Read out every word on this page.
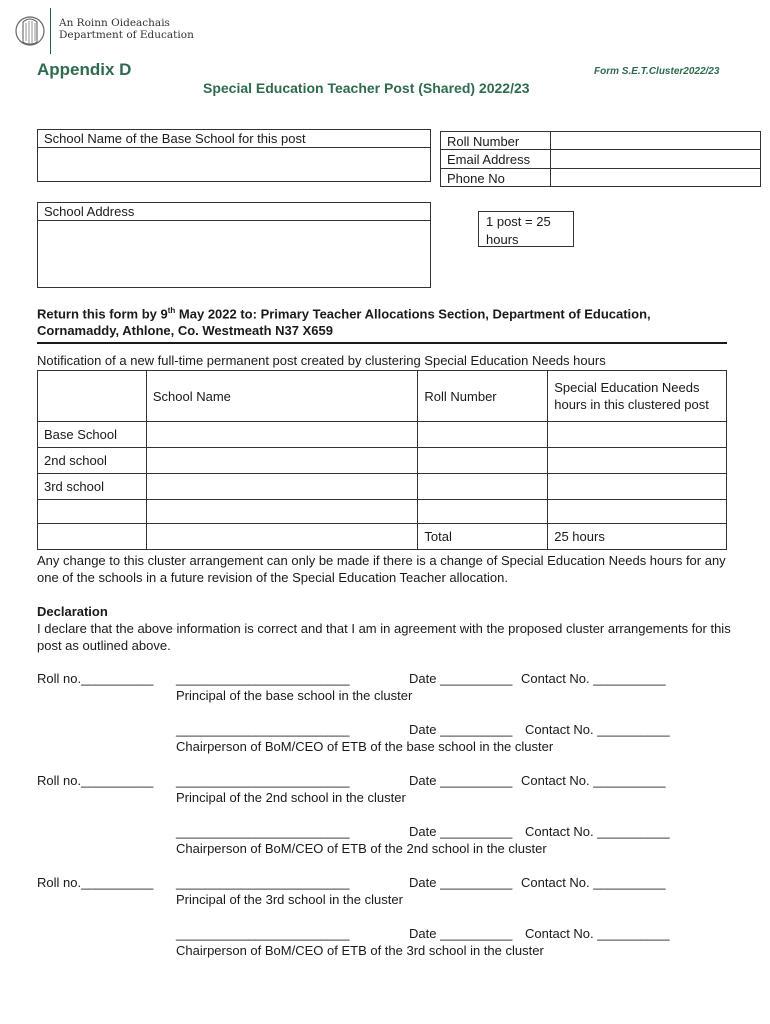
An Roinn Oideachais
Department of Education
Appendix D	Form S.E.T.Cluster2022/23
Special Education Teacher Post (Shared) 2022/23
School Name of the Base School for this post	Roll Number
Email Address
Phone No
School Address
1 post = 25
hours
Return this form by 9th May 2022 to: Primary Teacher Allocations Section, Department of Education,
Cornamaddy, Athlone, Co. Westmeath N37 X659
Notification of a new full-time permanent post created by clustering Special Education Needs hours
	School Name	Roll Number	Special Education Needs hours in this clustered post
Base School			
2nd school			
3rd school			

		Total	25 hours
Any change to this cluster arrangement can only be made if there is a change of Special Education Needs hours for any one of the schools in a future revision of the Special Education Teacher allocation.
Declaration
I declare that the above information is correct and that I am in agreement with the proposed cluster arrangements for this post as outlined above.
Roll no.__________ ________________________	Date __________ Contact No. __________
Principal of the base school in the cluster
________________________	Date __________ Contact No. __________
Chairperson of BoM/CEO of ETB of the base school in the cluster
Roll no.__________ ________________________	Date __________ Contact No. __________
Principal of the 2nd school in the cluster
________________________	Date __________ Contact No. __________
Chairperson of BoM/CEO of ETB of the 2nd school in the cluster
Roll no.__________ ________________________	Date __________ Contact No. __________
Principal of the 3rd school in the cluster
________________________	Date __________ Contact No. __________
Chairperson of BoM/CEO of ETB of the 3rd school in the cluster
